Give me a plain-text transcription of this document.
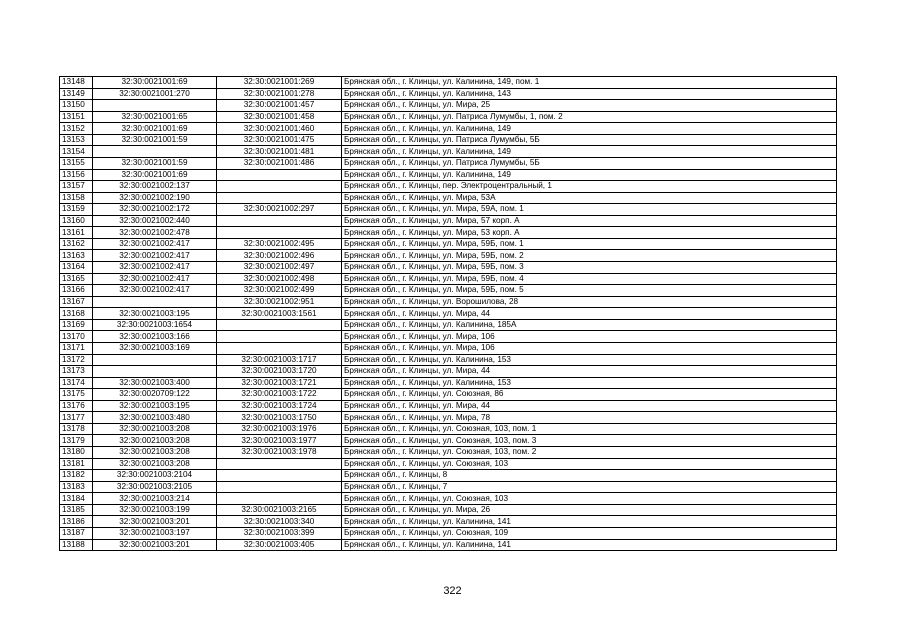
13148	32:30:0021001:69	32:30:0021001:269	Брянская обл., г. Клинцы, ул. Калинина, 149, пом. 1
13149	32:30:0021001:270	32:30:0021001:278	Брянская обл., г. Клинцы, ул. Калинина, 143
13150		32:30:0021001:457	Брянская обл., г. Клинцы, ул. Мира, 25
13151	32:30:0021001:65	32:30:0021001:458	Брянская обл., г. Клинцы, ул. Патриса Лумумбы, 1, пом. 2
13152	32:30:0021001:69	32:30:0021001:460	Брянская обл., г. Клинцы, ул. Калинина, 149
13153	32:30:0021001:59	32:30:0021001:475	Брянская обл., г. Клинцы, ул. Патриса Лумумбы, 5Б
13154		32:30:0021001:481	Брянская обл., г. Клинцы, ул. Калинина, 149
13155	32:30:0021001:59	32:30:0021001:486	Брянская обл., г. Клинцы, ул. Патриса Лумумбы, 5Б
13156	32:30:0021001:69		Брянская обл., г. Клинцы, ул. Калинина, 149
13157	32:30:0021002:137		Брянская обл., г. Клинцы, пер. Электроцентральный, 1
13158	32:30:0021002:190		Брянская обл., г. Клинцы, ул. Мира, 53А
13159	32:30:0021002:172	32:30:0021002:297	Брянская обл., г. Клинцы, ул. Мира, 59А, пом. 1
13160	32:30:0021002:440		Брянская обл., г. Клинцы, ул. Мира, 57 корп. А
13161	32:30:0021002:478		Брянская обл., г. Клинцы, ул. Мира, 53 корп. А
13162	32:30:0021002:417	32:30:0021002:495	Брянская обл., г. Клинцы, ул. Мира, 59Б, пом. 1
13163	32:30:0021002:417	32:30:0021002:496	Брянская обл., г. Клинцы, ул. Мира, 59Б, пом. 2
13164	32:30:0021002:417	32:30:0021002:497	Брянская обл., г. Клинцы, ул. Мира, 59Б, пом. 3
13165	32:30:0021002:417	32:30:0021002:498	Брянская обл., г. Клинцы, ул. Мира, 59Б, пом. 4
13166	32:30:0021002:417	32:30:0021002:499	Брянская обл., г. Клинцы, ул. Мира, 59Б, пом. 5
13167		32:30:0021002:951	Брянская обл., г. Клинцы, ул. Ворошилова, 28
13168	32:30:0021003:195	32:30:0021003:1561	Брянская обл., г. Клинцы, ул. Мира, 44
13169	32:30:0021003:1654		Брянская обл., г. Клинцы, ул. Калинина, 185А
13170	32:30:0021003:166		Брянская обл., г. Клинцы, ул. Мира, 106
13171	32:30:0021003:169		Брянская обл., г. Клинцы, ул. Мира, 106
13172		32:30:0021003:1717	Брянская обл., г. Клинцы, ул. Калинина, 153
13173		32:30:0021003:1720	Брянская обл., г. Клинцы, ул. Мира, 44
13174	32:30:0021003:400	32:30:0021003:1721	Брянская обл., г. Клинцы, ул. Калинина, 153
13175	32:30:0020709:122	32:30:0021003:1722	Брянская обл., г. Клинцы, ул. Союзная, 86
13176	32:30:0021003:195	32:30:0021003:1724	Брянская обл., г. Клинцы, ул. Мира, 44
13177	32:30:0021003:480	32:30:0021003:1750	Брянская обл., г. Клинцы, ул. Мира, 78
13178	32:30:0021003:208	32:30:0021003:1976	Брянская обл., г. Клинцы, ул. Союзная, 103, пом. 1
13179	32:30:0021003:208	32:30:0021003:1977	Брянская обл., г. Клинцы, ул. Союзная, 103, пом. 3
13180	32:30:0021003:208	32:30:0021003:1978	Брянская обл., г. Клинцы, ул. Союзная, 103, пом. 2
13181	32:30:0021003:208		Брянская обл., г. Клинцы, ул. Союзная, 103
13182	32:30:0021003:2104		Брянская обл., г. Клинцы, 8
13183	32:30:0021003:2105		Брянская обл., г. Клинцы, 7
13184	32:30:0021003:214		Брянская обл., г. Клинцы, ул. Союзная, 103
13185	32:30:0021003:199	32:30:0021003:2165	Брянская обл., г. Клинцы, ул. Мира, 26
13186	32:30:0021003:201	32:30:0021003:340	Брянская обл., г. Клинцы, ул. Калинина, 141
13187	32:30:0021003:197	32:30:0021003:399	Брянская обл., г. Клинцы, ул. Союзная, 109
13188	32:30:0021003:201	32:30:0021003:405	Брянская обл., г. Клинцы, ул. Калинина, 141
322
